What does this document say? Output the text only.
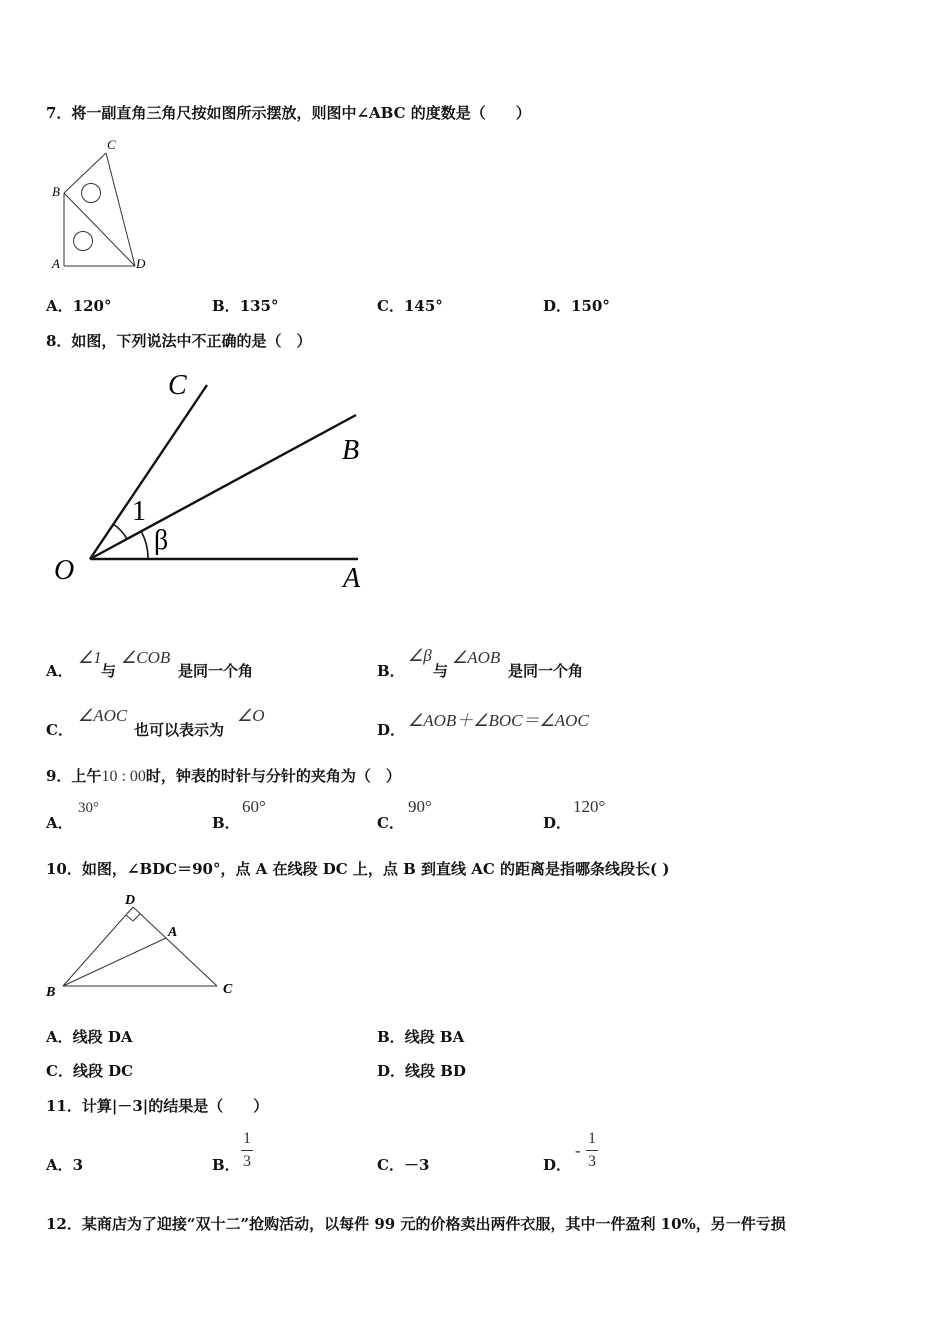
7．将一副直角三角尺按如图所示摆放，则图中∠ABC 的度数是（　　）
C
B
A	D
A．120°	B．135°	C．145°	D．150°
8．如图，下列说法中不正确的是（　）
C
B
O	A
1
β
A．
∠1
与
∠COB
是同一个角	B．
∠β
与
∠AOB
是同一个角
C．
∠AOC
也可以表示为
∠O
D． ∠AOB＋∠BOC＝∠AOC
9．上午10 : 00时，钟表的时针与分针的夹角为（　）
A．
30°
B．
60°
C．
90°
D．
120°
10．如图，∠BDC＝90°，点 A 在线段 DC 上，点 B 到直线 AC 的距离是指哪条线段长( )
D
A
B	C
A．线段 DA	B．线段 BA
C．线段 DC	D．线段 BD
11．计算|－3|的结果是（　　）
A．3	B．
1
3	C．－3	D．
-
1
3
12．某商店为了迎接“双十二”抢购活动，以每件 99 元的价格卖出两件衣服，其中一件盈利 10%，另一件亏损
